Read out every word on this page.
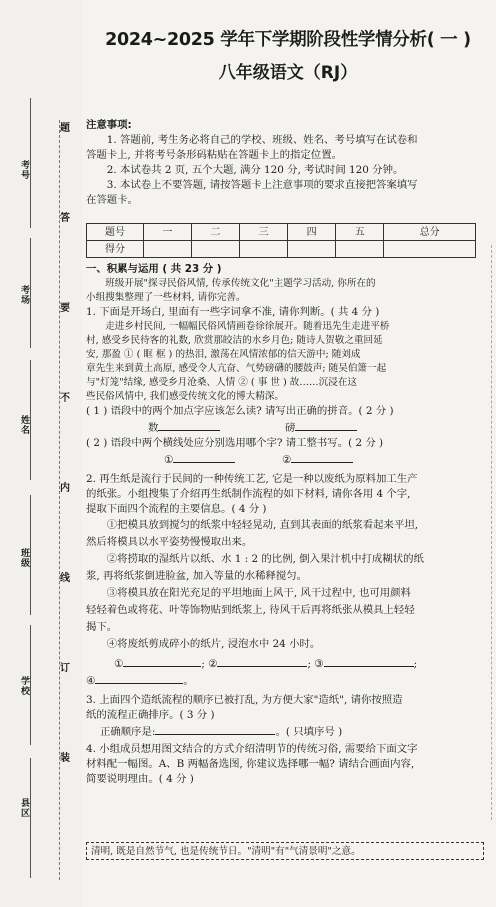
考号
考场
姓名
班级
学校
县区
题
答
要
不
内
线
订
装
2024~2025 学年下学期阶段性学情分析( 一 )
八年级语文（RJ）
注意事项:
1. 答题前, 考生务必将自己的学校、班级、姓名、考号填写在试卷和
答题卡上, 并将考号条形码粘贴在答题卡上的指定位置。
2. 本试卷共 2 页, 五个大题, 满分 120 分, 考试时间 120 分钟。
3. 本试卷上不要答题, 请按答题卡上注意事项的要求直接把答案填写
在答题卡。
题号	一	二	三	四	五	总分
得分						
一、积累与运用 ( 共 23 分 )
班级开展"探寻民俗风情, 传承传统文化"主题学习活动, 你所在的
小组搜集整理了一些材料, 请你完善。
1. 下面是开场白, 里面有一些字词拿不准, 请你判断。( 共 4 分 )
走进乡村民间, 一幅幅民俗风情画卷徐徐展开。随着迅先生走进平桥
村, 感受乡民待客的礼数, 欣赏那皎洁的水乡月色; 随诗人贺敬之重回延
安, 那盈 ① ( 眶 框 ) 的热泪, 激荡在风情浓郁的信天游中; 随刘成
章先生来到黄土高原, 感受令人亢奋、气势磅礴的腰鼓声; 随吴伯箫一起
与"灯笼"结缘, 感受乡月沧桑、人情 ② ( 事 世 ) 故……沉浸在这
些民俗风情中, 我们感受传统文化的博大精深。
( 1 ) 语段中的两个加点字应该怎么读? 请写出正确的拼音。( 2 分 )
数	磅
( 2 ) 语段中两个横线处应分别选用哪个字? 请工整书写。( 2 分 )
①	②
2. 再生纸是流行于民间的一种传统工艺, 它是一种以废纸为原料加工生产
的纸张。小组搜集了介绍再生纸制作流程的如下材料, 请你各用 4 个字,
提取下面四个流程的主要信息。( 4 分 )
①把模具放到搅匀的纸浆中轻轻晃动, 直到其表面的纸浆看起来平坦,
然后将模具以水平姿势慢慢取出来。
②将捞取的湿纸片以纸、水 1 : 2 的比例, 倒入果汁机中打成糊状的纸
浆, 再将纸浆倒进脸盆, 加入等量的水稀释搅匀。
③将模具放在阳光充足的平坦地面上风干, 风干过程中, 也可用颜料
轻轻着色或将花、叶等饰物贴到纸浆上, 待风干后再将纸张从模具上轻轻
揭下。
④将废纸剪成碎小的纸片, 浸泡水中 24 小时。
①	; ②	; ③	;
④	。
3. 上面四个造纸流程的顺序已被打乱, 为方便大家"造纸", 请你按照造
纸的流程正确排序。( 3 分 )
正确顺序是:	。( 只填序号 )
4. 小组成员想用图文结合的方式介绍清明节的传统习俗, 需要给下面文字
材料配一幅图。A、B 两幅备选图, 你建议选择哪一幅? 请结合画面内容,
简要说明理由。( 4 分 )
清明, 既是自然节气, 也是传统节日。"清明"有"气清景明"之意。
